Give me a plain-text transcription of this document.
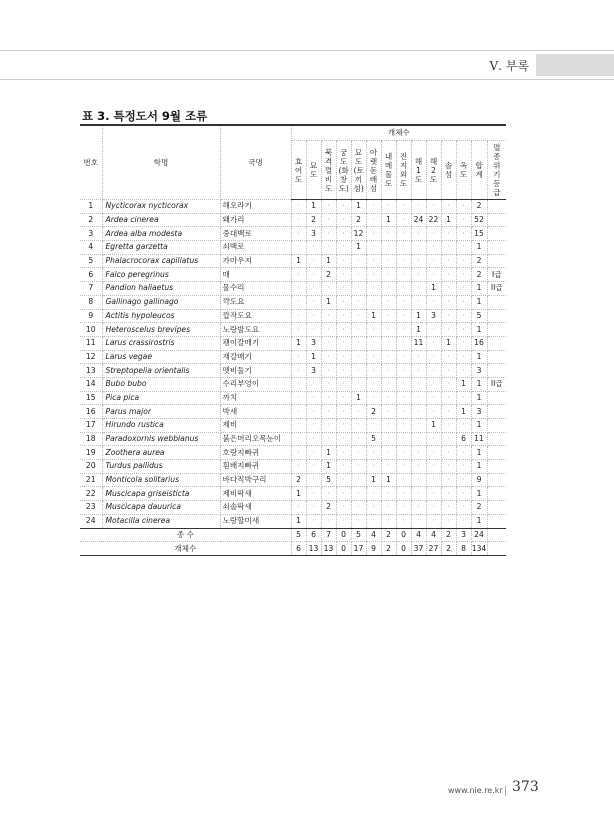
Ⅴ. 부록
표 3. 특정도서 9월 조류
번호	학명	국명	개체수													

			효어도	묘도	북격렬비도	궁도(화창도)	묘도(토끼섬)	아랫돋배섬	내메물도	진지외도	해1도	해2도	솔섬	옥도	합계	멸종위기 등급

1	Nycticorax nycticorax	해오라기	·	1	·	·	1	·	·	·	·	·	·	·	2	
2	Ardea cinerea	왜가리	·	2	·	·	2	·	1	·	24	22	1	·	52	
3	Ardea alba modesta	중대백로	·	3	·	·	12	·	·	·	·	·	·	·	15	
4	Egretta garzetta	쇠백로	·	·	·	·	1	·	·	·	·	·	·	·	1	
5	Phalacrocorax capillatus	가마우지	1	·	1	·	·	·	·	·	·	·	·	·	2	
6	Falco peregrinus	매	·	·	2	·	·	·	·	·	·	·	·	·	2	I급
7	Pandion haliaetus	물수리	·	·	·	·	·	·	·	·	·	1	·	·	1	II급
8	Gallinago gallinago	꺅도요	·	·	1	·	·	·	·	·	·	·	·	·	1	
9	Actitis hypoleucos	깝작도요	·	·	·	·	·	1	·	·	1	3	·	·	5	
10	Heteroscelus brevipes	노랑발도요	·	·	·	·	·	·	·	·	1	·	·	·	1	
11	Larus crassirostris	괭이갈매기	1	3	·	·	·	·	·	·	11	·	1	·	16	
12	Larus vegae	재갈매기	·	1	·	·	·	·	·	·	·	·	·	·	1	
13	Streptopelia orientalis	멧비둘기	·	3	·	·	·	·	·	·	·	·	·	·	3	
14	Bubo bubo	수리부엉이	·	·	·	·	·	·	·	·	·	·	·	1	1	II급
15	Pica pica	까치	·	·	·	·	1	·	·	·	·	·	·	·	1	
16	Parus major	박새	·	·	·	·	·	2	·	·	·	·	·	1	3	
17	Hirundo rustica	제비	·	·	·	·	·	·	·	·	·	1	·	·	1	
18	Paradoxornis webbianus	붉은머리오목눈이	·	·	·	·	·	5	·	·	·	·	·	6	11	
19	Zoothera aurea	호랑지빠귀	·	·	1	·	·	·	·	·	·	·	·	·	1	
20	Turdus pallidus	흰배지빠귀	·	·	1	·	·	·	·	·	·	·	·	·	1	
21	Monticola solitarius	바다직박구리	2	·	5	·	·	1	1	·	·	·	·	·	9	
22	Muscicapa griseisticta	제비딱새	1	·	·	·	·	·	·	·	·	·	·	·	1	
23	Muscicapa dauurica	쇠솔딱새	·	·	2	·	·	·	·	·	·	·	·	·	2	
24	Motacilla cinerea	노랑할미새	1	·	·	·	·	·	·	·	·	·	·	·	1	
종 수			5	6	7	0	5	4	2	0	4	4	2	3	24	
개체수			6	13	13	0	17	9	2	0	37	27	2	8	134	
www.nie.re.kr 373
